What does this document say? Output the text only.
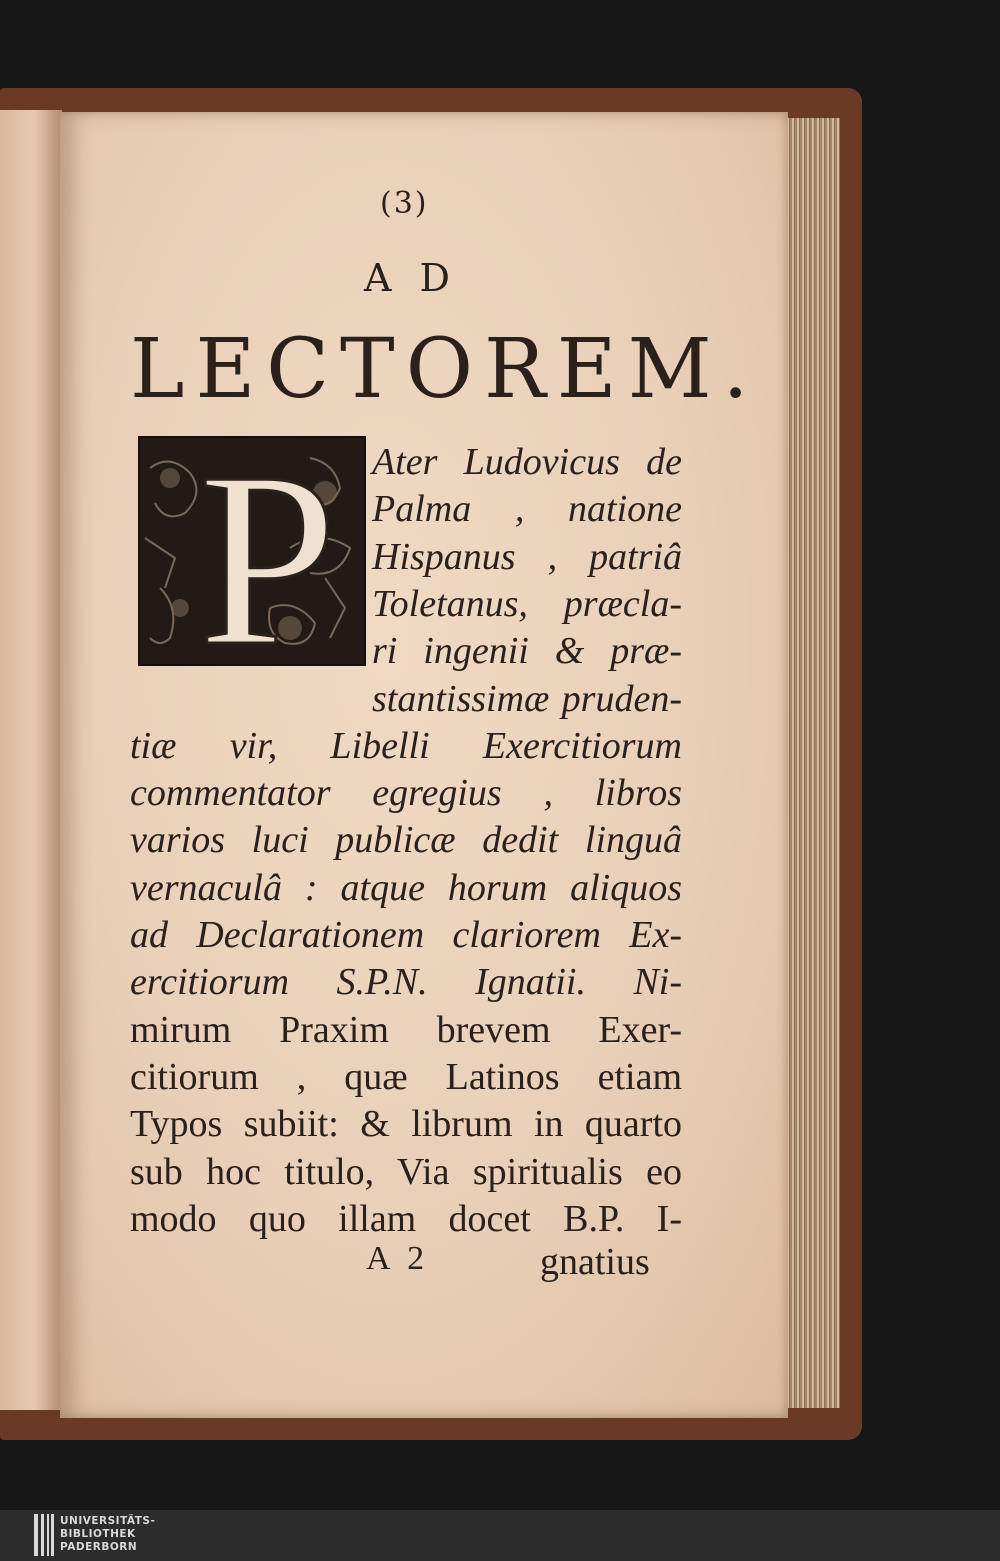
(3)
AD
LECTOREM.
P Ater Ludovicus de
Palma , natione
Hispanus , patriâ
Toletanus, præcla-
ri ingenii & præ-
stantissimæ pruden-
tiæ vir, Libelli Exercitiorum
commentator egregius , libros
varios luci publicæ dedit linguâ
vernaculâ : atque horum aliquos
ad Declarationem clariorem Ex-
ercitiorum S.P.N. Ignatii. Ni-
mirum Praxim brevem Exer-
citiorum , quæ Latinos etiam
Typos subiit: & librum in quarto
sub hoc titulo, Via spiritualis eo
modo quo illam docet B.P. I-
A 2	gnatius
UNIVERSITÄTS-
BIBLIOTHEK
PADERBORN
